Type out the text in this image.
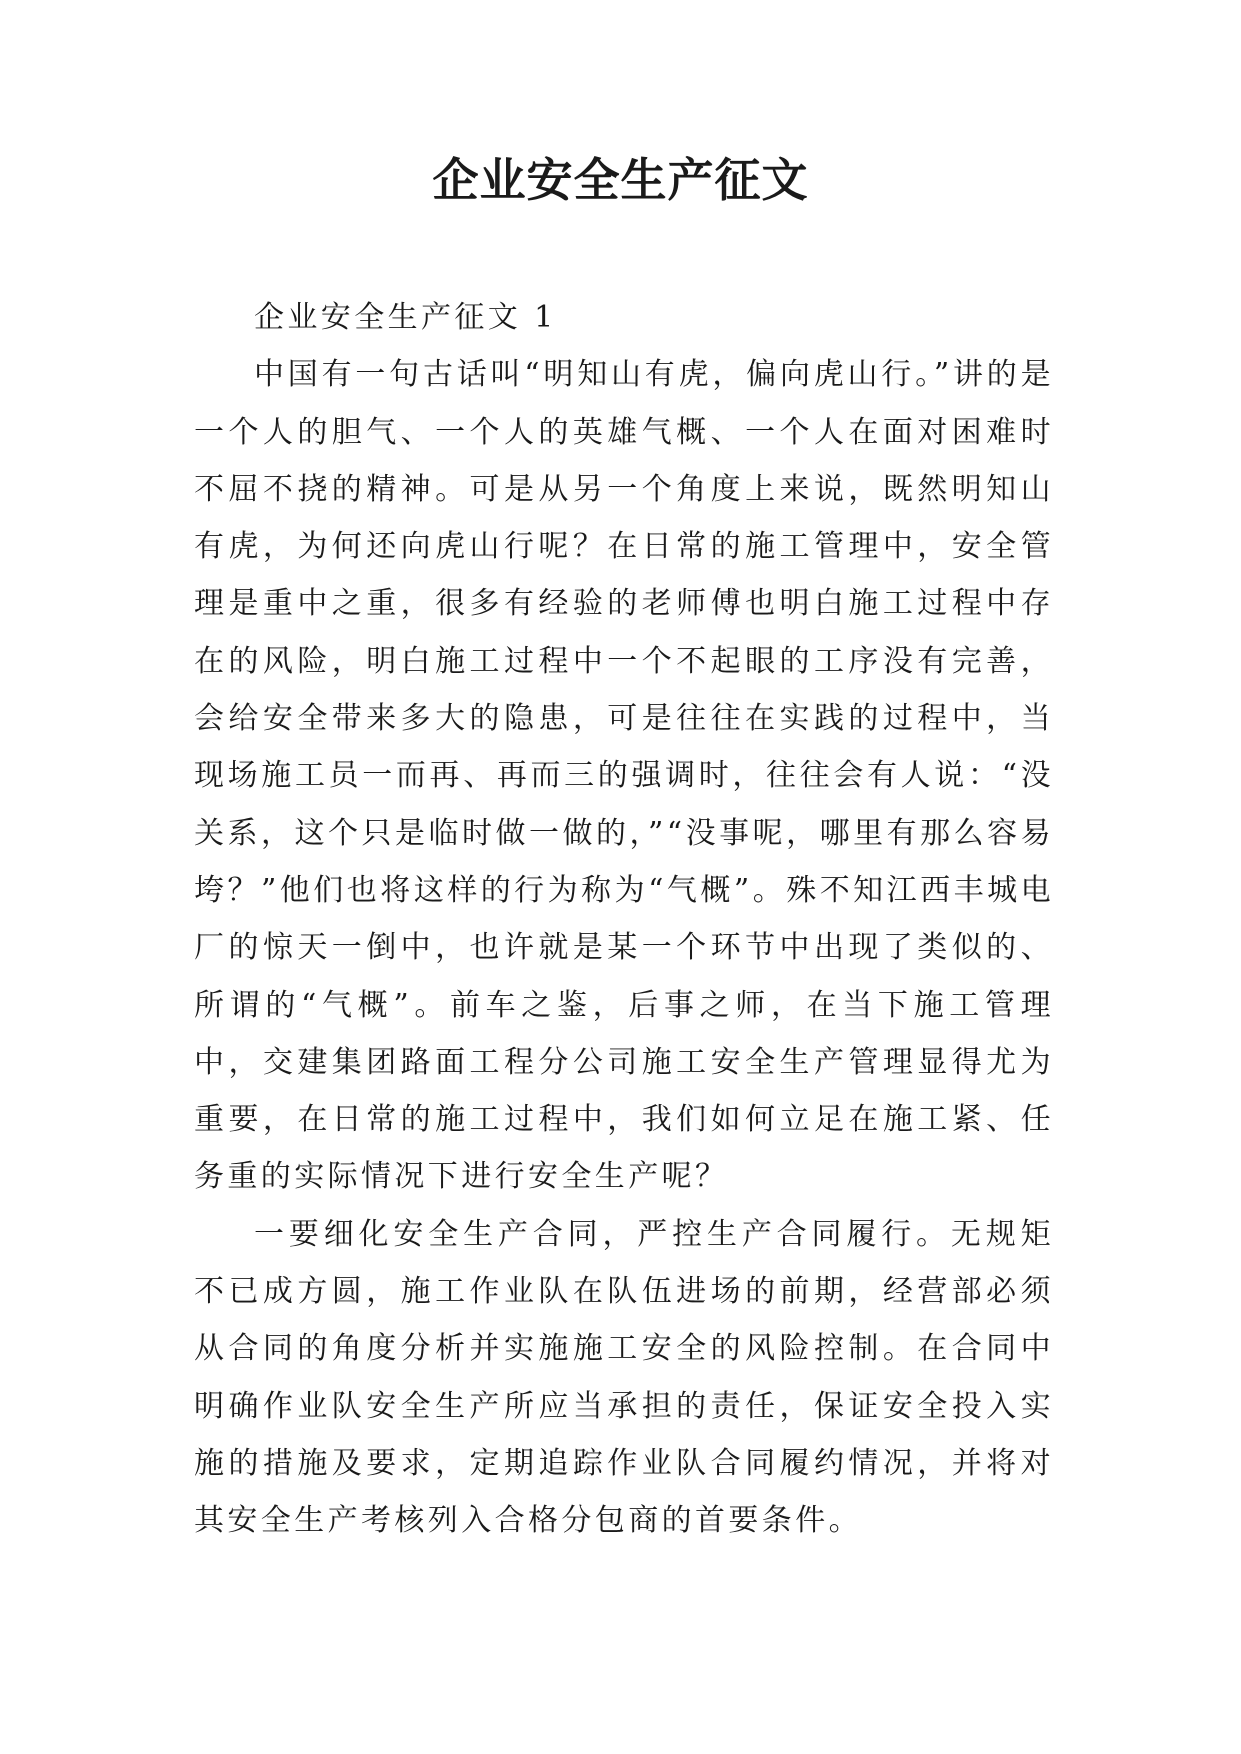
企业安全生产征文

企业安全生产征文 1

中国有一句古话叫“明知山有虎，偏向虎山行。”讲的是一个人的胆气、一个人的英雄气概、一个人在面对困难时不屈不挠的精神。可是从另一个角度上来说，既然明知山有虎，为何还向虎山行呢？在日常的施工管理中，安全管理是重中之重，很多有经验的老师傅也明白施工过程中存在的风险，明白施工过程中一个不起眼的工序没有完善，会给安全带来多大的隐患，可是往往在实践的过程中，当现场施工员一而再、再而三的强调时，往往会有人说：“没关系，这个只是临时做一做的，”“没事呢，哪里有那么容易垮？”他们也将这样的行为称为“气概”。殊不知江西丰城电厂的惊天一倒中，也许就是某一个环节中出现了类似的、所谓的“气概”。前车之鉴，后事之师，在当下施工管理中，交建集团路面工程分公司施工安全生产管理显得尤为重要，在日常的施工过程中，我们如何立足在施工紧、任务重的实际情况下进行安全生产呢？

一要细化安全生产合同，严控生产合同履行。无规矩不已成方圆，施工作业队在队伍进场的前期，经营部必须从合同的角度分析并实施施工安全的风险控制。在合同中明确作业队安全生产所应当承担的责任，保证安全投入实施的措施及要求，定期追踪作业队合同履约情况，并将对其安全生产考核列入合格分包商的首要条件。
